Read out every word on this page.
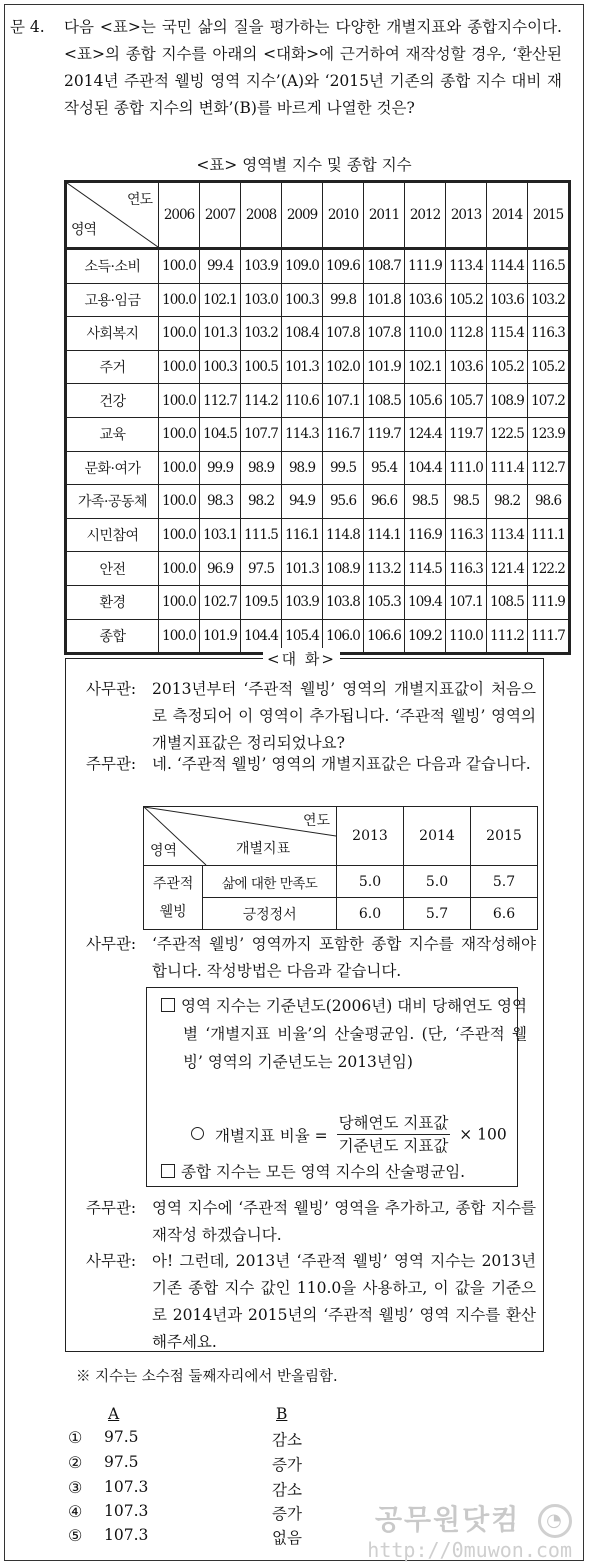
문 4.	다음 <표>는 국민 삶의 질을 평가하는 다양한 개별지표와 종합지수이다. <표>의 종합 지수를 아래의 <대화>에 근거하여 재작성할 경우, ‘환산된 2014년 주관적 웰빙 영역 지수’(A)와 ‘2015년 기존의 종합 지수 대비 재작성된 종합 지수의 변화’(B)를 바르게 나열한 것은?
<표> 영역별 지수 및 종합 지수
연도
영역	2006	2007	2008	2009	2010	2011	2012	2013	2014	2015
소득·소비	100.0	99.4	103.9	109.0	109.6	108.7	111.9	113.4	114.4	116.5
고용·임금	100.0	102.1	103.0	100.3	99.8	101.8	103.6	105.2	103.6	103.2
사회복지	100.0	101.3	103.2	108.4	107.8	107.8	110.0	112.8	115.4	116.3
주거	100.0	100.3	100.5	101.3	102.0	101.9	102.1	103.6	105.2	105.2
건강	100.0	112.7	114.2	110.6	107.1	108.5	105.6	105.7	108.9	107.2
교육	100.0	104.5	107.7	114.3	116.7	119.7	124.4	119.7	122.5	123.9
문화·여가	100.0	99.9	98.9	98.9	99.5	95.4	104.4	111.0	111.4	112.7
가족·공동체	100.0	98.3	98.2	94.9	95.6	96.6	98.5	98.5	98.2	98.6
시민참여	100.0	103.1	111.5	116.1	114.8	114.1	116.9	116.3	113.4	111.1
안전	100.0	96.9	97.5	101.3	108.9	113.2	114.5	116.3	121.4	122.2
환경	100.0	102.7	109.5	103.9	103.8	105.3	109.4	107.1	108.5	111.9
종합	100.0	101.9	104.4	105.4	106.0	106.6	109.2	110.0	111.2	111.7
<대 화>
사무관:	2013년부터 ‘주관적 웰빙’ 영역의 개별지표값이 처음으로 측정되어 이 영역이 추가됩니다. ‘주관적 웰빙’ 영역의 개별지표값은 정리되었나요?
주무관:	네. ‘주관적 웰빙’ 영역의 개별지표값은 다음과 같습니다.
연도
개별지표
영역		2013	2014	2015
주관적 웰빙	삶에 대한 만족도	5.0	5.0	5.7
	긍정정서	6.0	5.7	6.6
사무관:	‘주관적 웰빙’ 영역까지 포함한 종합 지수를 재작성해야 합니다. 작성방법은 다음과 같습니다.
영역 지수는 기준년도(2006년) 대비 당해연도 영역별 ‘개별지표 비율’의 산술평균임. (단, ‘주관적 웰빙’ 영역의 기준년도는 2013년임)
개별지표 비율 = $\frac{\text{당해연도 지표값}}{\text{기준년도 지표값}} \times 100$
종합 지수는 모든 영역 지수의 산술평균임.
주무관:	영역 지수에 ‘주관적 웰빙’ 영역을 추가하고, 종합 지수를 재작성 하겠습니다.
사무관:	아! 그런데, 2013년 ‘주관적 웰빙’ 영역 지수는 2013년 기존 종합 지수 값인 110.0을 사용하고, 이 값을 기준으로 2014년과 2015년의 ‘주관적 웰빙’ 영역 지수를 환산해주세요.
※ 지수는 소수점 둘째자리에서 반올림함.
A	B
① 97.5	감소
② 97.5	증가
③ 107.3	감소
④ 107.3	증가
⑤ 107.3	없음
공무원닷컴 ◔
http://0muwon.com
